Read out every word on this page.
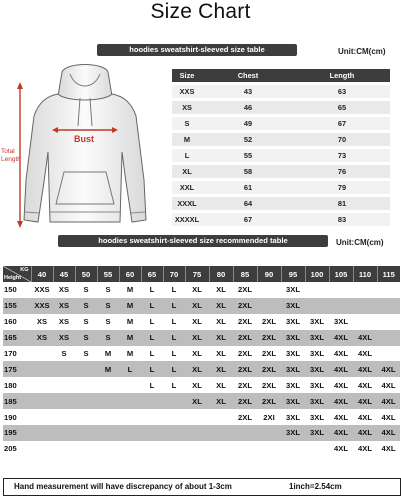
Size Chart
hoodies sweatshirt-sleeved size table	Unit:CM(cm)
Bust
Total
Length
Size	Chest	Length
XXS	43	63
XS	46	65
S	49	67
M	52	70
L	55	73
XL	58	76
XXL	61	79
XXXL	64	81
XXXXL	67	83
hoodies sweatshirt-sleeved size recommended table	Unit:CM(cm)
KG
Height	40	45	50	55	60	65	70	75	80	85	90	95	100	105	110	115
150	XXS	XS	S	S	M	L	L	XL	XL	2XL		3XL				
155	XXS	XS	S	S	M	L	L	XL	XL	2XL		3XL				
160	XS	XS	S	S	M	L	L	XL	XL	2XL	2XL	3XL	3XL	3XL		
165	XS	XS	S	S	M	L	L	XL	XL	2XL	2XL	3XL	3XL	4XL	4XL	
170		S	S	M	M	L	L	XL	XL	2XL	2XL	3XL	3XL	4XL	4XL	
175				M	L	L	L	XL	XL	2XL	2XL	3XL	3XL	4XL	4XL	4XL
180						L	L	XL	XL	2XL	2XL	3XL	3XL	4XL	4XL	4XL
185								XL	XL	2XL	2XL	3XL	3XL	4XL	4XL	4XL
190										2XL	2XI	3XL	3XL	4XL	4XL	4XL
195												3XL	3XL	4XL	4XL	4XL
205														4XL	4XL	4XL
Hand measurement will have discrepancy of about 1-3cm	1inch=2.54cm
